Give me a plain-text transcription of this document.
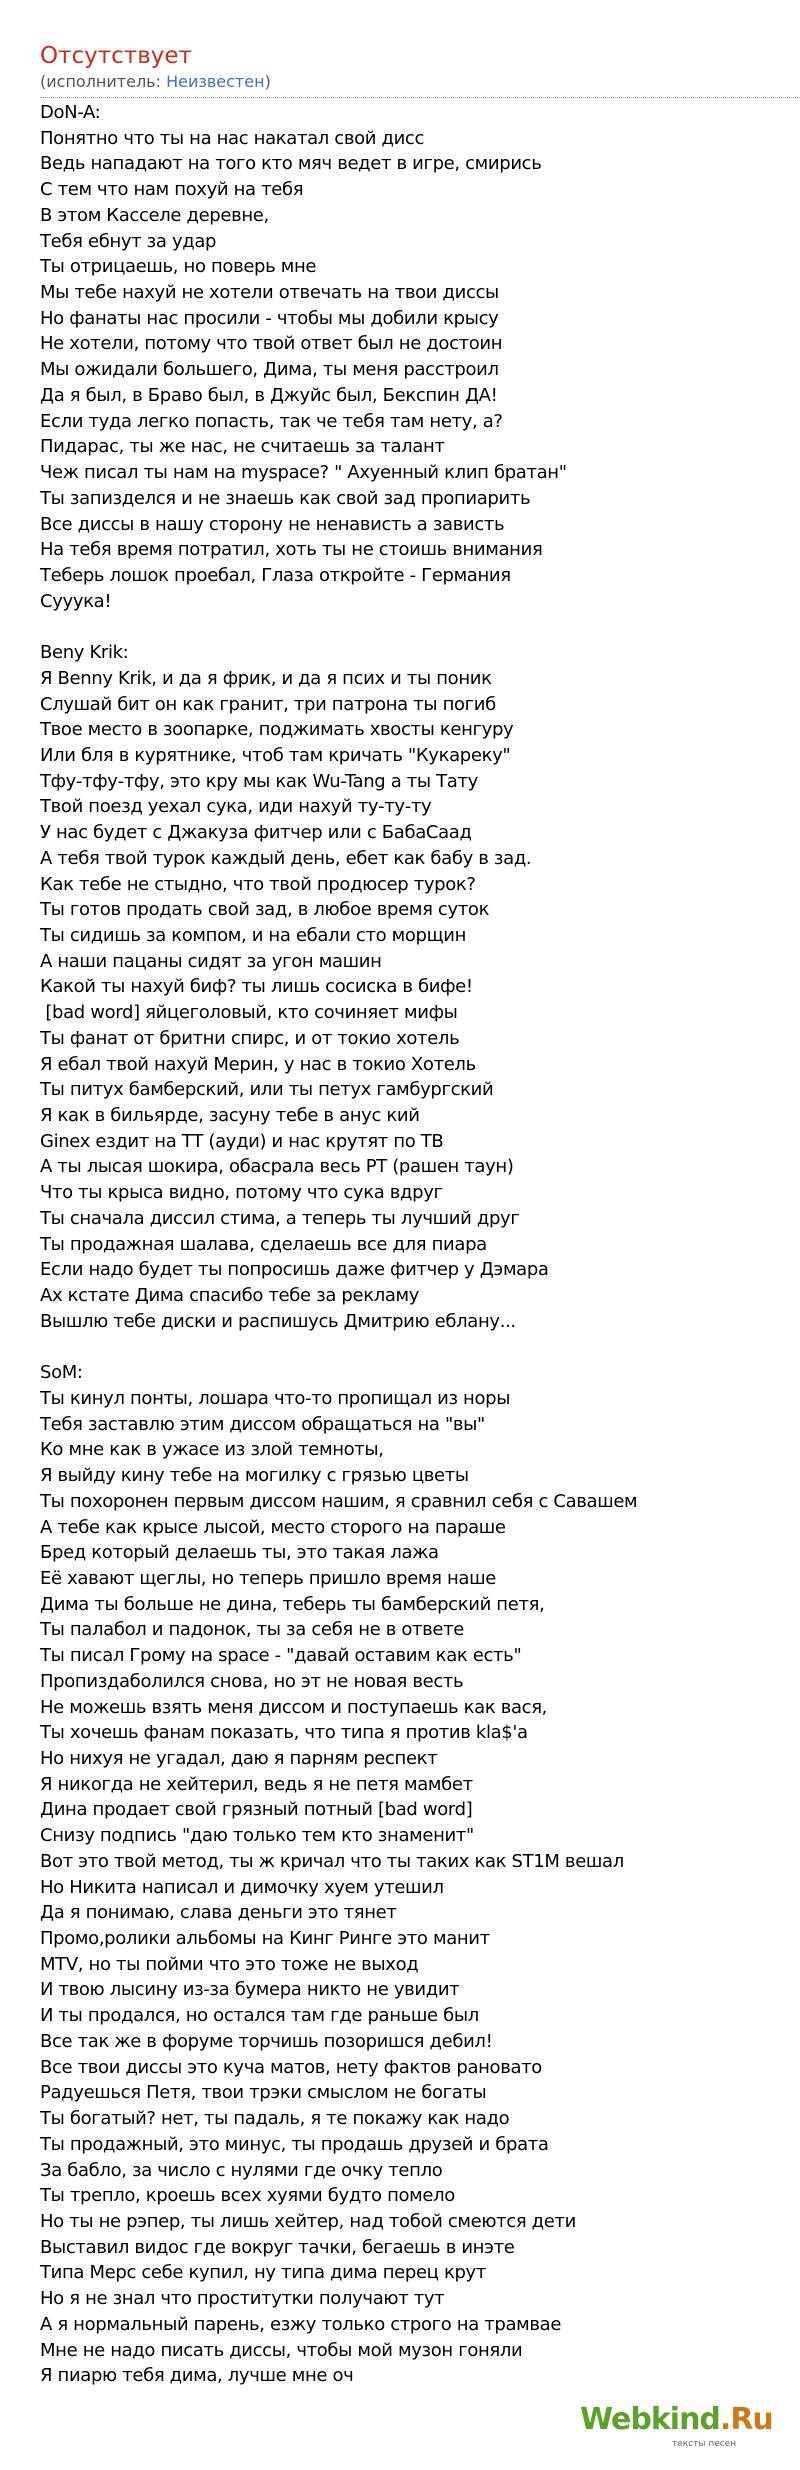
Отсутствует
(исполнитель: Неизвестен)
DoN-A:
Понятно что ты на нас накатал свой дисс
Ведь нападают на того кто мяч ведет в игре, смирись
С тем что нам похуй на тебя
В этом Касселе деревне,
Тебя ебнут за удар
Ты отрицаешь, но поверь мне
Мы тебе нахуй не хотели отвечать на твои диссы
Но фанаты нас просили - чтобы мы добили крысу
Не хотели, потому что твой ответ был не достоин
Мы ожидали большего, Дима, ты меня расстроил
Да я был, в Браво был, в Джуйс был, Бекспин ДА!
Если туда легко попасть, так че тебя там нету, а?
Пидарас, ты же нас, не считаешь за талант
Чеж писал ты нам на myspace? " Ахуенный клип братан"
Ты запизделся и не знаешь как свой зад пропиарить
Все диссы в нашу сторону не ненависть а зависть
На тебя время потратил, хоть ты не стоишь внимания
Теберь лошок проебал, Глаза откройте - Германия
Сууука!
Beny Krik:
Я Benny Krik, и да я фрик, и да я псих и ты поник
Слушай бит он как гранит, три патрона ты погиб
Твое место в зоопарке, поджимать хвосты кенгуру
Или бля в курятнике, чтоб там кричать "Кукареку"
Тфу-тфу-тфу, это кру мы как Wu-Tang а ты Тату
Твой поезд уехал сука, иди нахуй ту-ту-ту
У нас будет с Джакуза фитчер или с БабаСаад
А тебя твой турок каждый день, ебет как бабу в зад.
Как тебе не стыдно, что твой продюсер турок?
Ты готов продать свой зад, в любое время суток
Ты сидишь за компом, и на ебали сто морщин
А наши пацаны сидят за угон машин
Какой ты нахуй биф? ты лишь сосиска в бифе!
[bad word] яйцеголовый, кто сочиняет мифы
Ты фанат от бритни спирс, и от токио хотель
Я ебал твой нахуй Мерин, у нас в токио Хотель
Ты питух бамберский, или ты петух гамбургский
Я как в бильярде, засуну тебе в анус кий
Ginex ездит на ТТ (ауди) и нас крутят по ТВ
А ты лысая шокира, обасрала весь РТ (рашен таун)
Что ты крыса видно, потому что сука вдруг
Ты сначала диссил стима, а теперь ты лучший друг
Ты продажная шалава, сделаешь все для пиара
Если надо будет ты попросишь даже фитчер у Дэмара
Ах кстате Дима спасибо тебе за рекламу
Вышлю тебе диски и распишусь Дмитрию еблану...
SoM:
Ты кинул понты, лошара что-то пропищал из норы
Тебя заставлю этим диссом обращаться на "вы"
Ко мне как в ужасе из злой темноты,
Я выйду кину тебе на могилку с грязью цветы
Ты похоронен первым диссом нашим, я сравнил себя с Савашем
А тебе как крысе лысой, место сторого на параше
Бред который делаешь ты, это такая лажа
Её хавают щеглы, но теперь пришло время наше
Дима ты больше не дина, теберь ты бамберский петя,
Ты палабол и падонок, ты за себя не в ответе
Ты писал Грому на space - "давай оставим как есть"
Пропиздаболился снова, но эт не новая весть
Не можешь взять меня диссом и поступаешь как вася,
Ты хочешь фанам показать, что типа я против kla$'a
Но нихуя не угадал, даю я парням респект
Я никогда не хейтерил, ведь я не петя мамбет
Дина продает свой грязный потный [bad word]
Снизу подпись "даю только тем кто знаменит"
Вот это твой метод, ты ж кричал что ты таких как ST1M вешал
Но Никита написал и димочку хуем утешил
Да я понимаю, слава деньги это тянет
Промо,ролики альбомы на Кинг Ринге это манит
MTV, но ты пойми что это тоже не выход
И твою лысину из-за бумера никто не увидит
И ты продался, но остался там где раньше был
Все так же в форуме торчишь позоришся дебил!
Все твои диссы это куча матов, нету фактов рановато
Радуешься Петя, твои трэки смыслом не богаты
Ты богатый? нет, ты падаль, я те покажу как надо
Ты продажный, это минус, ты продашь друзей и брата
За бабло, за число с нулями где очку тепло
Ты трепло, кроешь всех хуями будто помело
Но ты не рэпер, ты лишь хейтер, над тобой смеются дети
Выставил видос где вокруг тачки, бегаешь в инэте
Типа Мерс себе купил, ну типа дима перец крут
Но я не знал что проститутки получают тут
А я нормальный парень, езжу только строго на трамвае
Мне не надо писать диссы, чтобы мой музон гоняли
Я пиарю тебя дима, лучше мне оч
Webkind.Ru
тексты песен
